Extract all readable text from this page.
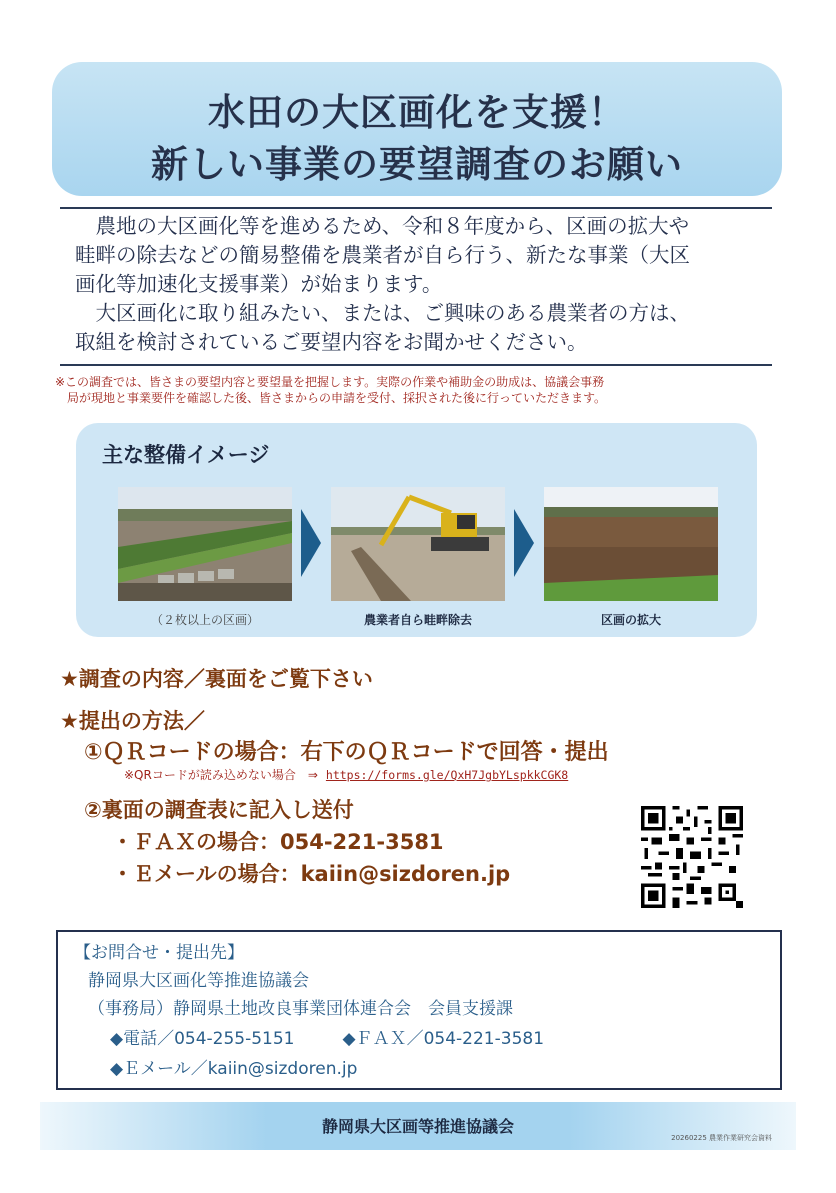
水田の大区画化を支援！
新しい事業の要望調査のお願い

　農地の大区画化等を進めるため、令和８年度から、区画の拡大や

畦畔の除去などの簡易整備を農業者が自ら行う、新たな事業（大区

画化等加速化支援事業）が始まります。

　大区画化に取り組みたい、または、ご興味のある農業者の方は、

取組を検討されているご要望内容をお聞かせください。

※この調査では、皆さまの要望内容と要望量を把握します。実際の作業や補助金の助成は、協議会事務

局が現地と事業要件を確認した後、皆さまからの申請を受付、採択された後に行っていただきます。

主な整備イメージ
（２枚以上の区画）	農業者自ら畦畔除去	区画の拡大
★調査の内容／裏面をご覧下さい
★提出の方法／
①ＱＲコードの場合：右下のＱＲコードで回答・提出
※QRコードが読み込めない場合　⇒ https://forms.gle/QxH7JgbYLspkkCGK8
②裏面の調査表に記入し送付
・ＦＡＸの場合：054-221-3581
・Ｅメールの場合：kaiin@sizdoren.jp

【お問合せ・提出先】

静岡県大区画化等推進協議会

（事務局）静岡県土地改良事業団体連合会　会員支援課

◆電話／054-255-5151	◆ＦＡＸ／054-221-3581

◆Ｅメール／kaiin@sizdoren.jp

静岡県大区画等推進協議会
20260225 農業作業研究会資料
